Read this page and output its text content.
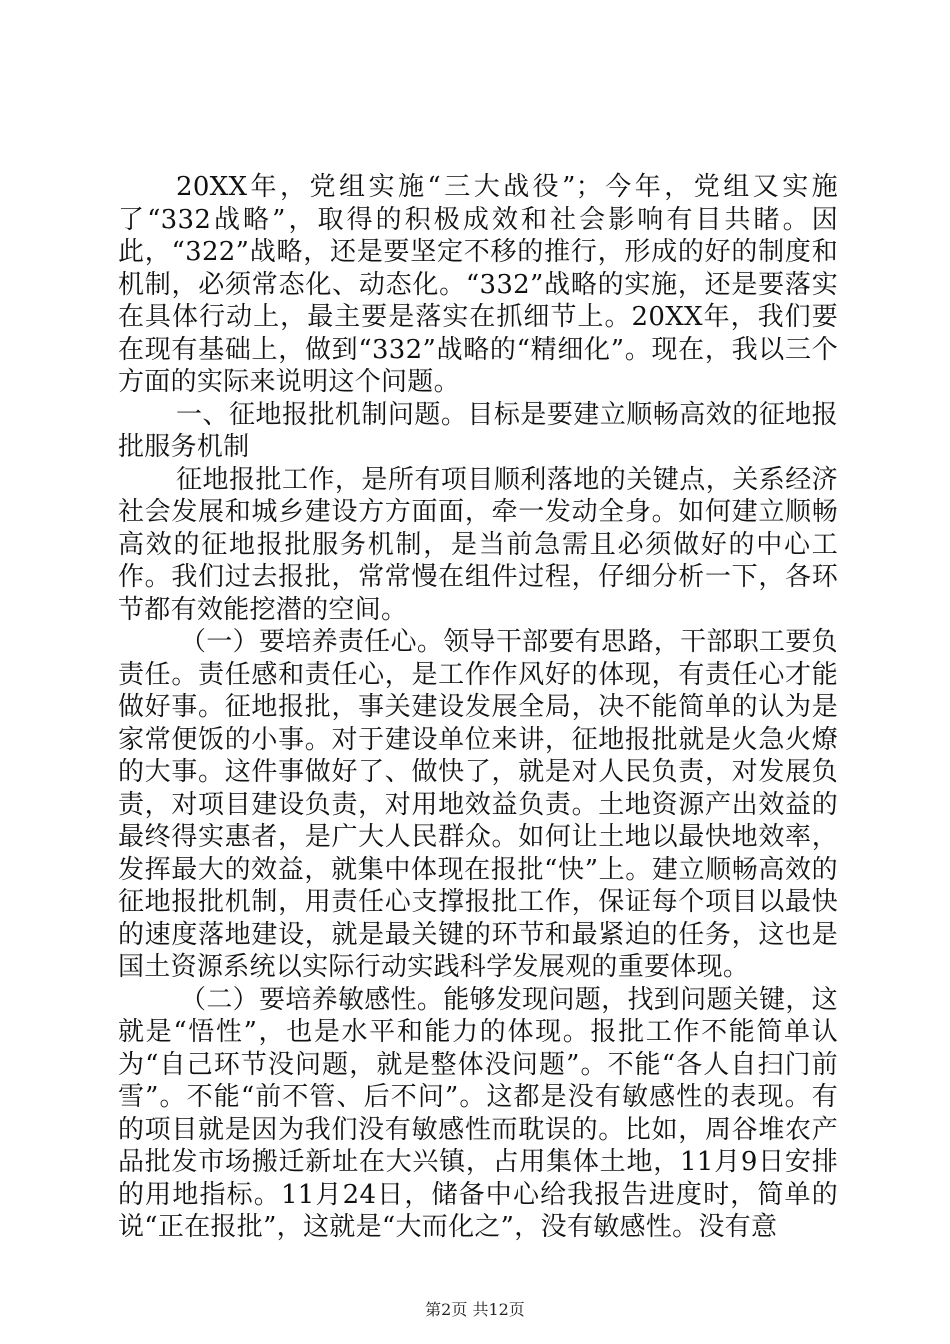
20XX年，党组实施“三大战役”；今年，党组又实施了“332战略”，取得的积极成效和社会影响有目共睹。因此，“322”战略，还是要坚定不移的推行，形成的好的制度和机制，必须常态化、动态化。“332”战略的实施，还是要落实在具体行动上，最主要是落实在抓细节上。20XX年，我们要在现有基础上，做到“332”战略的“精细化”。现在，我以三个方面的实际来说明这个问题。

一、征地报批机制问题。目标是要建立顺畅高效的征地报批服务机制

征地报批工作，是所有项目顺利落地的关键点，关系经济社会发展和城乡建设方方面面，牵一发动全身。如何建立顺畅高效的征地报批服务机制，是当前急需且必须做好的中心工作。我们过去报批，常常慢在组件过程，仔细分析一下，各环节都有效能挖潜的空间。

（一）要培养责任心。领导干部要有思路，干部职工要负责任。责任感和责任心，是工作作风好的体现，有责任心才能做好事。征地报批，事关建设发展全局，决不能简单的认为是家常便饭的小事。对于建设单位来讲，征地报批就是火急火燎的大事。这件事做好了、做快了，就是对人民负责，对发展负责，对项目建设负责，对用地效益负责。土地资源产出效益的最终得实惠者，是广大人民群众。如何让土地以最快地效率，发挥最大的效益，就集中体现在报批“快”上。建立顺畅高效的征地报批机制，用责任心支撑报批工作，保证每个项目以最快的速度落地建设，就是最关键的环节和最紧迫的任务，这也是国土资源系统以实际行动实践科学发展观的重要体现。

（二）要培养敏感性。能够发现问题，找到问题关键，这就是“悟性”，也是水平和能力的体现。报批工作不能简单认为“自己环节没问题，就是整体没问题”。不能“各人自扫门前雪”。不能“前不管、后不问”。这都是没有敏感性的表现。有的项目就是因为我们没有敏感性而耽误的。比如，周谷堆农产品批发市场搬迁新址在大兴镇，占用集体土地，11月9日安排的用地指标。11月24日，储备中心给我报告进度时，简单的说“正在报批”，这就是“大而化之”，没有敏感性。没有意

第2页 共12页
